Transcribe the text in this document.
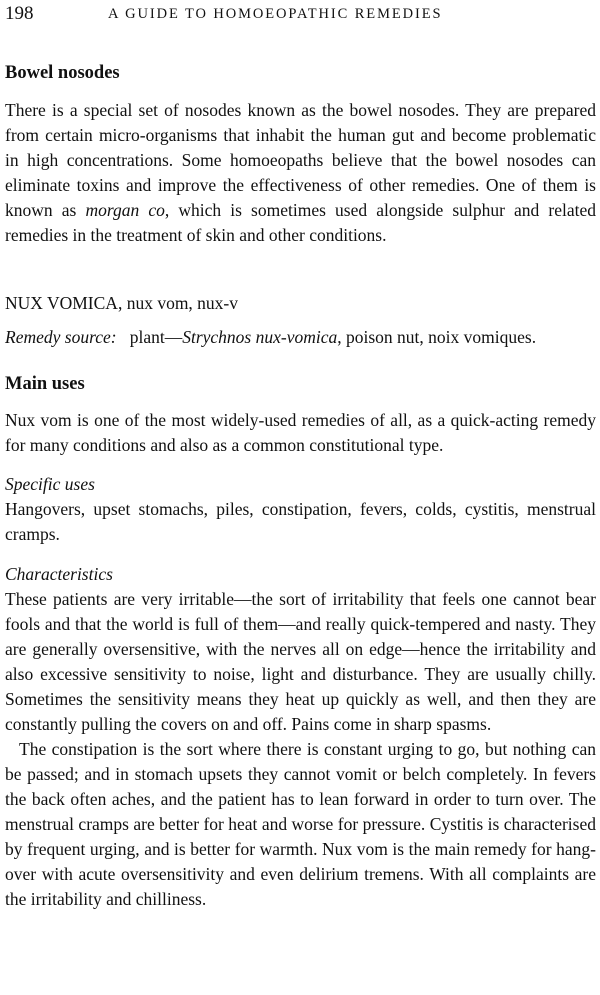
198	A GUIDE TO HOMOEOPATHIC REMEDIES
Bowel nosodes

There is a special set of nosodes known as the bowel nosodes. They are prepared from certain micro-organisms that inhabit the human gut and become problematic in high concentrations. Some homoeopaths believe that the bowel nosodes can eliminate toxins and improve the effectiveness of other remedies. One of them is known as morgan co, which is sometimes used alongside sulphur and related remedies in the treatment of skin and other conditions.

NUX VOMICA, nux vom, nux-v

Remedy source: plant—Strychnos nux-vomica, poison nut, noix vomiques.

Main uses

Nux vom is one of the most widely-used remedies of all, as a quick-acting remedy for many conditions and also as a common constitutional type.

Specific uses

Hangovers, upset stomachs, piles, constipation, fevers, colds, cystitis, menstrual cramps.

Characteristics

These patients are very irritable—the sort of irritability that feels one cannot bear fools and that the world is full of them—and really quick-tempered and nasty. They are generally oversensitive, with the nerves all on edge—hence the irritability and also excessive sensitivity to noise, light and disturbance. They are usually chilly. Sometimes the sensitivity means they heat up quickly as well, and then they are constantly pulling the covers on and off. Pains come in sharp spasms.

The constipation is the sort where there is constant urging to go, but nothing can be passed; and in stomach upsets they cannot vomit or belch completely. In fevers the back often aches, and the patient has to lean forward in order to turn over. The menstrual cramps are better for heat and worse for pressure. Cystitis is characterised by frequent urging, and is better for warmth. Nux vom is the main remedy for hang-over with acute oversensitivity and even delirium tremens. With all complaints are the irritability and chilliness.
